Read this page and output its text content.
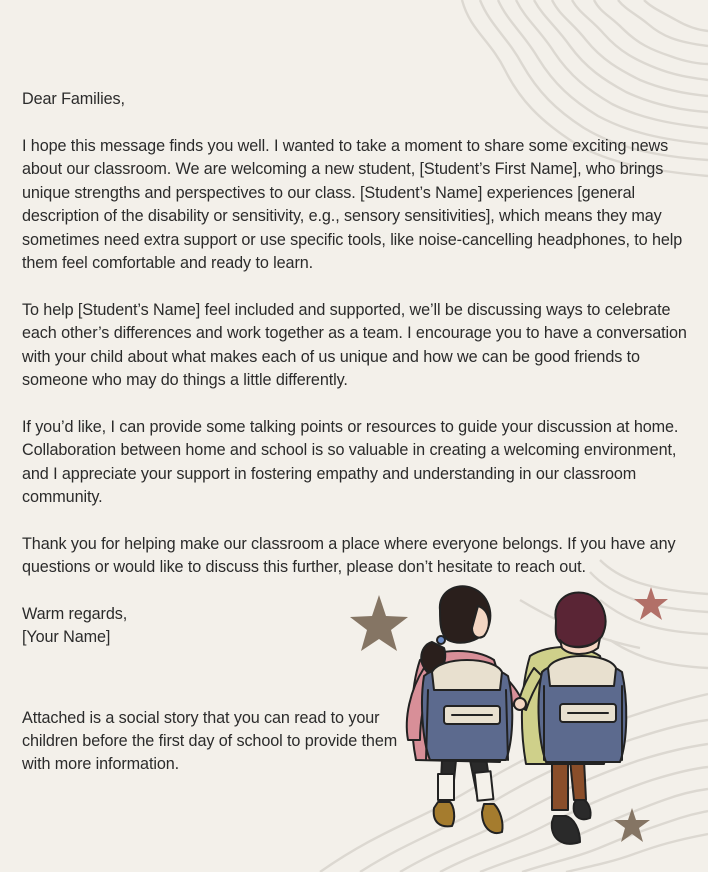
Dear Families,

I hope this message finds you well. I wanted to take a moment to share some exciting news about our classroom. We are welcoming a new student, [Student’s First Name], who brings unique strengths and perspectives to our class. [Student’s Name] experiences [general description of the disability or sensitivity, e.g., sensory sensitivities], which means they may sometimes need extra support or use specific tools, like noise-cancelling headphones, to help them feel comfortable and ready to learn.

To help [Student’s Name] feel included and supported, we’ll be discussing ways to celebrate each other’s differences and work together as a team. I encourage you to have a conversation with your child about what makes each of us unique and how we can be good friends to someone who may do things a little differently.

If you’d like, I can provide some talking points or resources to guide your discussion at home. Collaboration between home and school is so valuable in creating a welcoming environment, and I appreciate your support in fostering empathy and understanding in our classroom community.

Thank you for helping make our classroom a place where everyone belongs. If you have any questions or would like to discuss this further, please don’t hesitate to reach out.

Warm regards,
[Your Name]

Attached is a social story that you can read to your children before the first day of school to provide them with more information.
